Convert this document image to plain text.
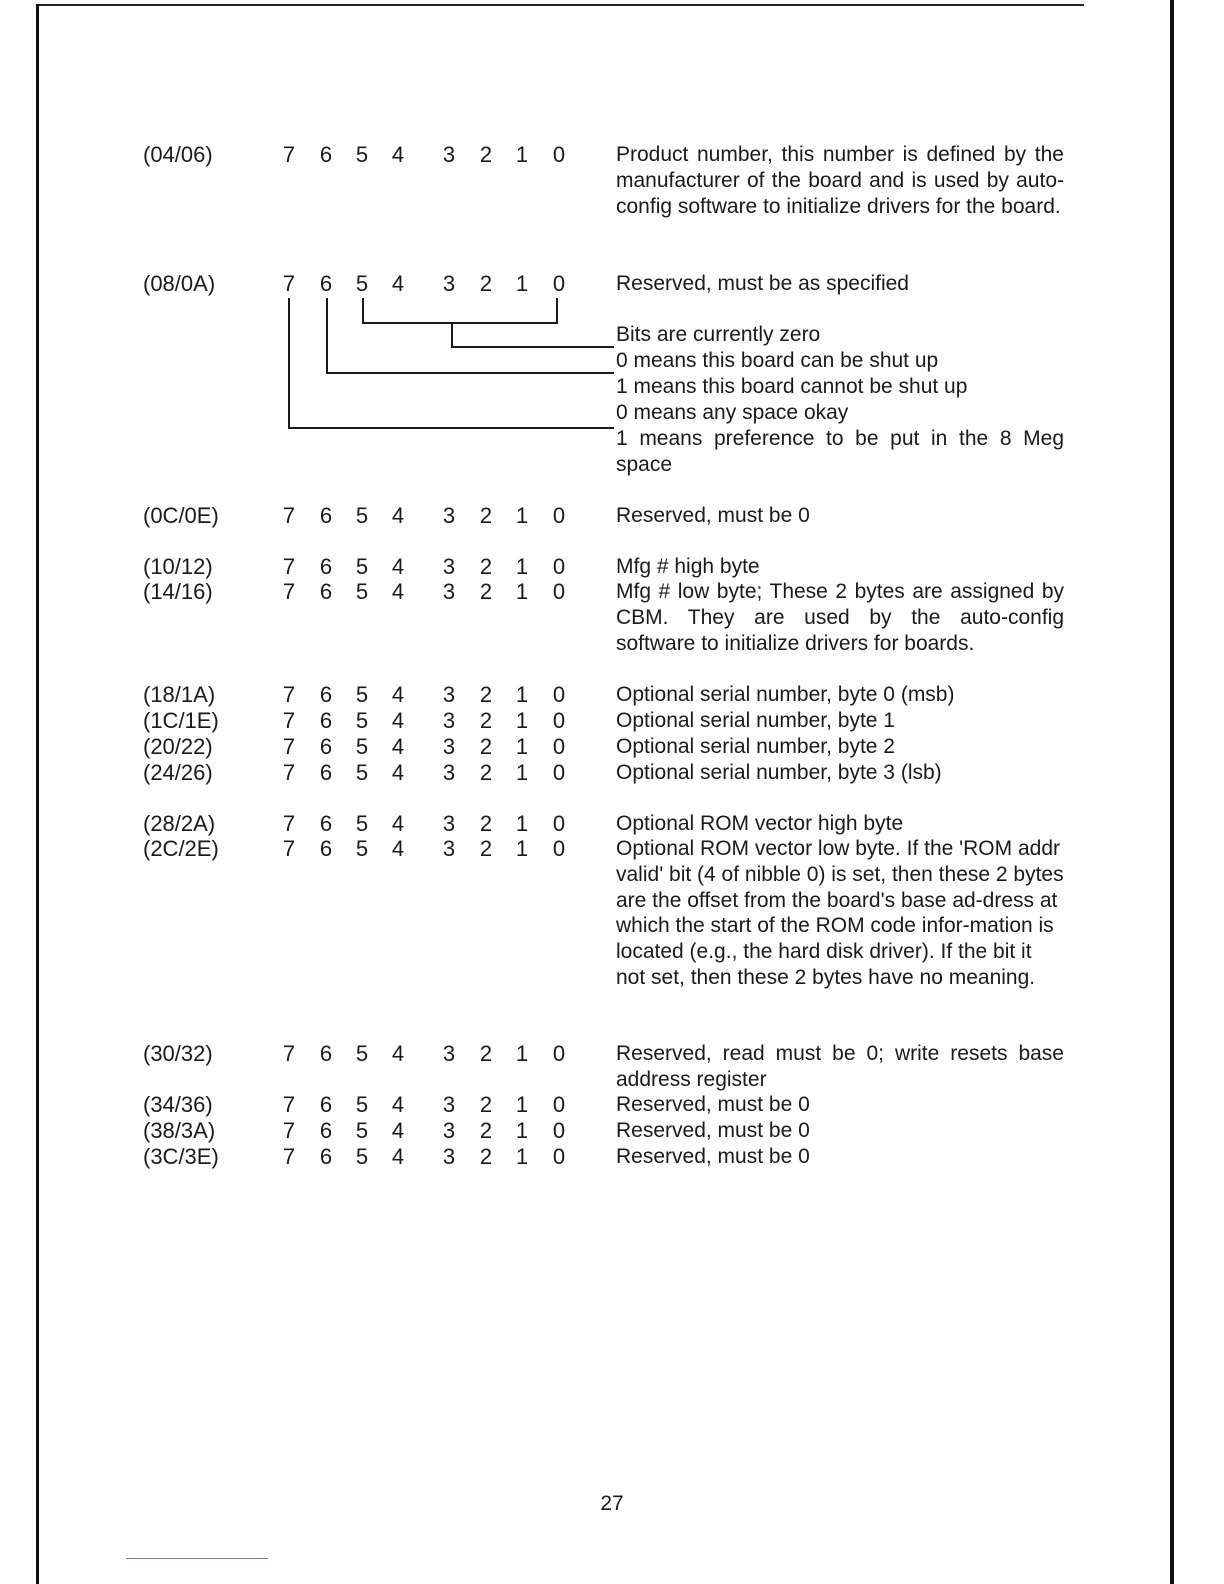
(04/06)	7	6	5	4	3	2	1	0	Product number, this number is defined by the manufacturer of the board and is used by auto-config software to initialize drivers for the board.
(08/0A)	7	6	5	4	3	2	1	0	Reserved, must be as specified
Bits are currently zero
0 means this board can be shut up
1 means this board cannot be shut up
0 means any space okay
1 means preference to be put in the 8 Meg space
(0C/0E)	7	6	5	4	3	2	1	0	Reserved, must be 0
(10/12)	7	6	5	4	3	2	1	0	Mfg # high byte
(14/16)	7	6	5	4	3	2	1	0	Mfg # low byte; These 2 bytes are assigned by CBM. They are used by the auto-config software to initialize drivers for boards.
(18/1A)	7	6	5	4	3	2	1	0	Optional serial number, byte 0 (msb)
(1C/1E)	7	6	5	4	3	2	1	0	Optional serial number, byte 1
(20/22)	7	6	5	4	3	2	1	0	Optional serial number, byte 2
(24/26)	7	6	5	4	3	2	1	0	Optional serial number, byte 3 (lsb)
(28/2A)	7	6	5	4	3	2	1	0	Optional ROM vector high byte
(2C/2E)	7	6	5	4	3	2	1	0	Optional ROM vector low byte. If the 'ROM addr valid' bit (4 of nibble 0) is set, then these 2 bytes are the offset from the board's base ad-dress at which the start of the ROM code infor-mation is located (e.g., the hard disk driver). If the bit it not set, then these 2 bytes have no meaning.
(30/32)	7	6	5	4	3	2	1	0	Reserved, read must be 0; write resets base address register
(34/36)	7	6	5	4	3	2	1	0	Reserved, must be 0
(38/3A)	7	6	5	4	3	2	1	0	Reserved, must be 0
(3C/3E)	7	6	5	4	3	2	1	0	Reserved, must be 0
27
